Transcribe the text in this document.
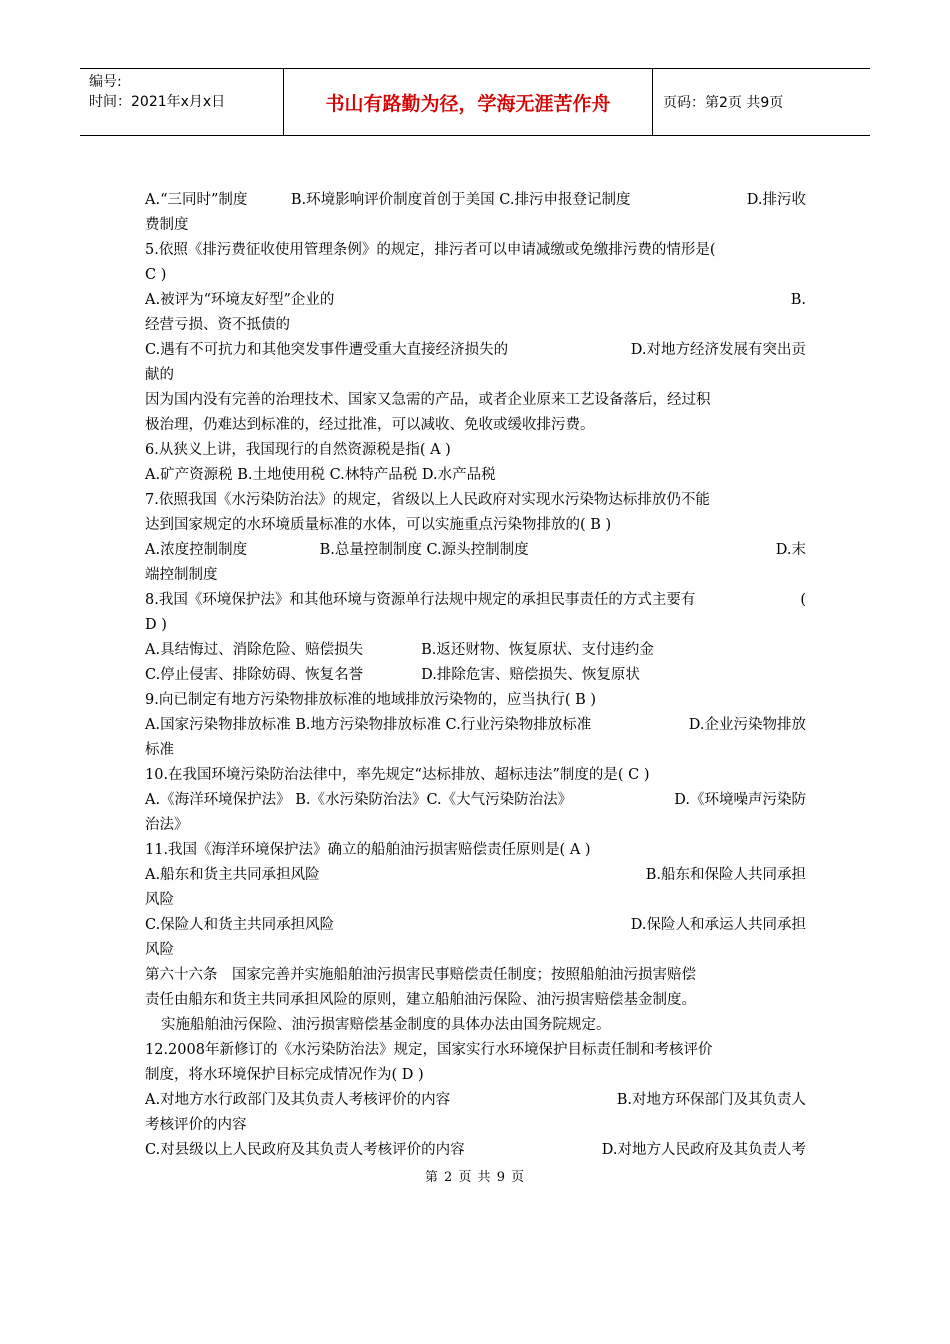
编号:
时间：2021年x月x日	书山有路勤为径，学海无涯苦作舟	页码：第2页 共9页
A.“三同时”制度　　　B.环境影响评价制度首创于美国 C.排污申报登记制度	D.排污收
费制度
5.依照《排污费征收使用管理条例》的规定，排污者可以申请减缴或免缴排污费的情形是(
C )
A.被评为“环境友好型”企业的	B.
经营亏损、资不抵债的
C.遇有不可抗力和其他突发事件遭受重大直接经济损失的	D.对地方经济发展有突出贡
献的
因为国内没有完善的治理技术、国家又急需的产品，或者企业原来工艺设备落后，经过积
极治理，仍难达到标准的，经过批准，可以减收、免收或缓收排污费。
6.从狭义上讲，我国现行的自然资源税是指( A )
A.矿产资源税 B.土地使用税 C.林特产品税 D.水产品税
7.依照我国《水污染防治法》的规定，省级以上人民政府对实现水污染物达标排放仍不能
达到国家规定的水环境质量标准的水体，可以实施重点污染物排放的( B )
A.浓度控制制度　　　　　B.总量控制制度 C.源头控制制度	D.末
端控制制度
8.我国《环境保护法》和其他环境与资源单行法规中规定的承担民事责任的方式主要有	(
D )
A.具结悔过、消除危险、赔偿损失　　　　B.返还财物、恢复原状、支付违约金
C.停止侵害、排除妨碍、恢复名誉　　　　D.排除危害、赔偿损失、恢复原状
9.向已制定有地方污染物排放标准的地域排放污染物的，应当执行( B )
A.国家污染物排放标准 B.地方污染物排放标准 C.行业污染物排放标准	D.企业污染物排放
标准
10.在我国环境污染防治法律中，率先规定“达标排放、超标违法”制度的是( C )
A.《海洋环境保护法》 B.《水污染防治法》C.《大气污染防治法》	D.《环境噪声污染防
治法》
11.我国《海洋环境保护法》确立的船舶油污损害赔偿责任原则是( A )
A.船东和货主共同承担风险	B.船东和保险人共同承担
风险
C.保险人和货主共同承担风险	D.保险人和承运人共同承担
风险
第六十六条　国家完善并实施船舶油污损害民事赔偿责任制度；按照船舶油污损害赔偿
责任由船东和货主共同承担风险的原则，建立船舶油污保险、油污损害赔偿基金制度。
实施船舶油污保险、油污损害赔偿基金制度的具体办法由国务院规定。
12.2008年新修订的《水污染防治法》规定，国家实行水环境保护目标责任制和考核评价
制度，将水环境保护目标完成情况作为( D )
A.对地方水行政部门及其负责人考核评价的内容	B.对地方环保部门及其负责人
考核评价的内容
C.对县级以上人民政府及其负责人考核评价的内容	D.对地方人民政府及其负责人考
第 2 页 共 9 页
